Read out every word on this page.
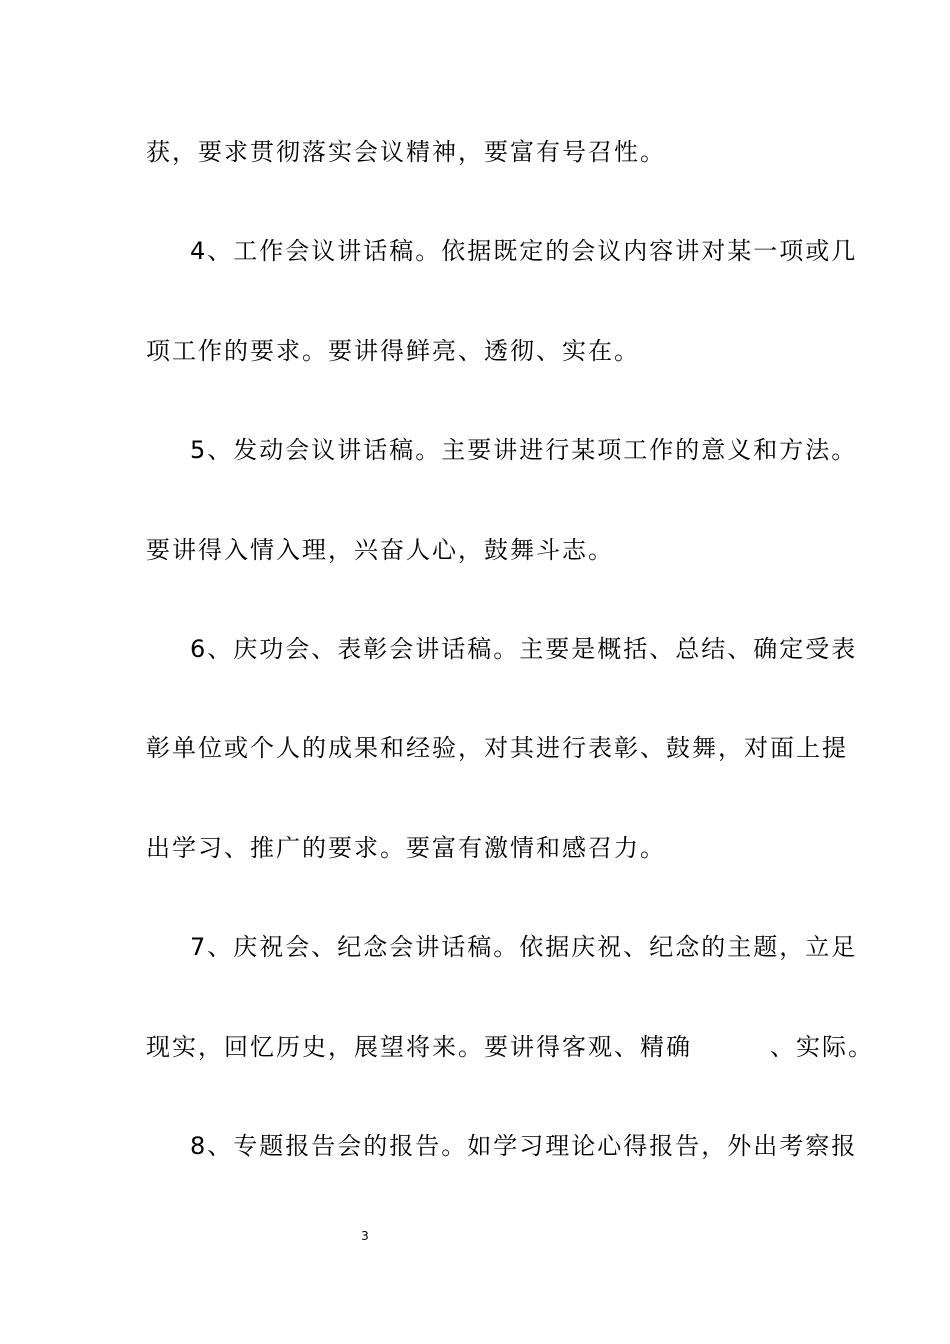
获，要求贯彻落实会议精神，要富有号召性。
4、工作会议讲话稿。依据既定的会议内容讲对某一项或几
项工作的要求。要讲得鲜亮、透彻、实在。
5、发动会议讲话稿。主要讲进行某项工作的意义和方法。
要讲得入情入理，兴奋人心，鼓舞斗志。
6、庆功会、表彰会讲话稿。主要是概括、总结、确定受表
彰单位或个人的成果和经验，对其进行表彰、鼓舞，对面上提
出学习、推广的要求。要富有激情和感召力。
7、庆祝会、纪念会讲话稿。依据庆祝、纪念的主题，立足
现实，回忆历史，展望将来。要讲得客观、精确　　　、实际。
8、专题报告会的报告。如学习理论心得报告，外出考察报
3
